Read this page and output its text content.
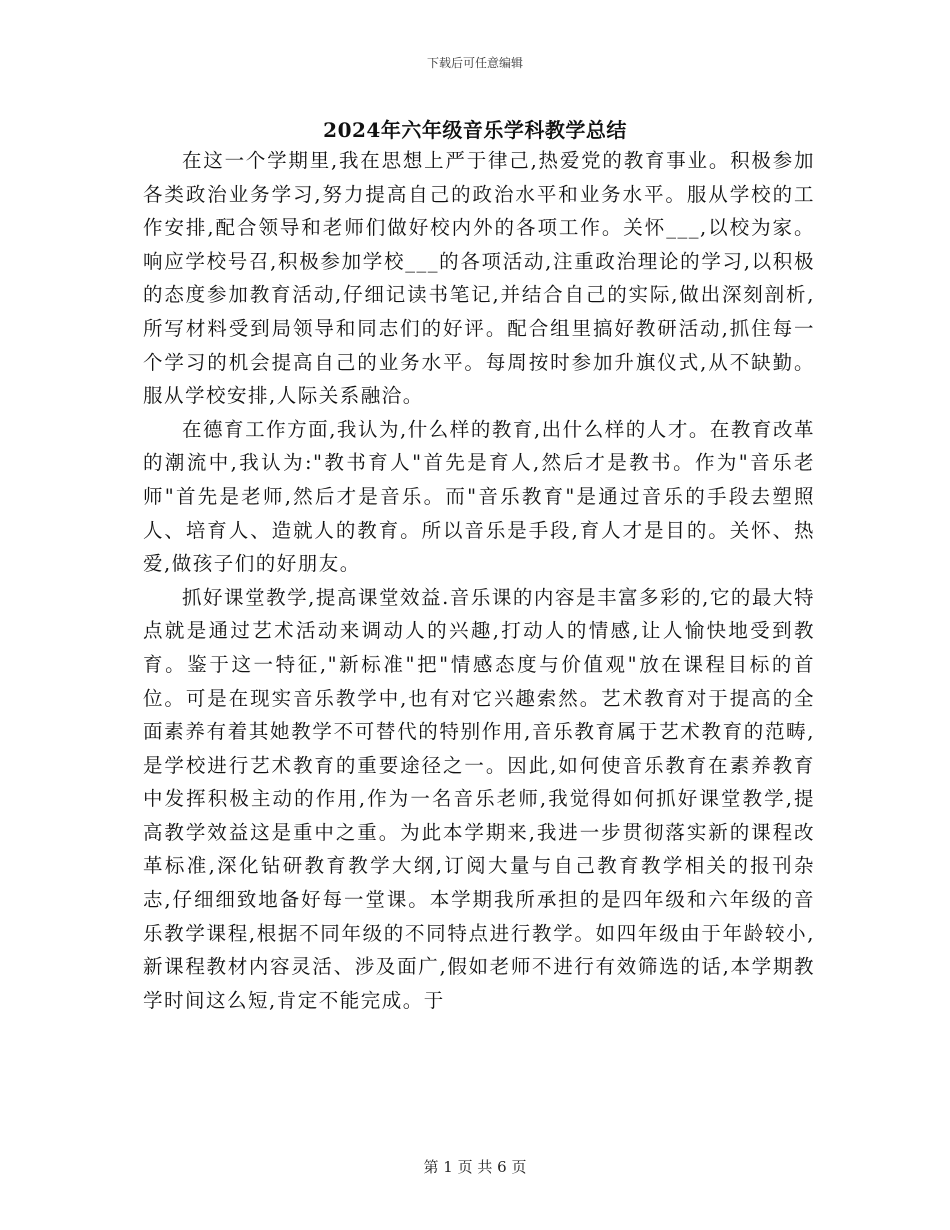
下载后可任意编辑
2024年六年级音乐学科教学总结

在这一个学期里,我在思想上严于律己,热爱党的教育事业。积极参加各类政治业务学习,努力提高自己的政治水平和业务水平。服从学校的工作安排,配合领导和老师们做好校内外的各项工作。关怀___,以校为家。响应学校号召,积极参加学校___的各项活动,注重政治理论的学习,以积极的态度参加教育活动,仔细记读书笔记,并结合自己的实际,做出深刻剖析,所写材料受到局领导和同志们的好评。配合组里搞好教研活动,抓住每一个学习的机会提高自己的业务水平。每周按时参加升旗仪式,从不缺勤。服从学校安排,人际关系融洽。

在德育工作方面,我认为,什么样的教育,出什么样的人才。在教育改革的潮流中,我认为:"教书育人"首先是育人,然后才是教书。作为"音乐老师"首先是老师,然后才是音乐。而"音乐教育"是通过音乐的手段去塑照人、培育人、造就人的教育。所以音乐是手段,育人才是目的。关怀、热爱,做孩子们的好朋友。

抓好课堂教学,提高课堂效益.音乐课的内容是丰富多彩的,它的最大特点就是通过艺术活动来调动人的兴趣,打动人的情感,让人愉快地受到教育。鉴于这一特征,"新标准"把"情感态度与价值观"放在课程目标的首位。可是在现实音乐教学中,也有对它兴趣索然。艺术教育对于提高的全面素养有着其她教学不可替代的特别作用,音乐教育属于艺术教育的范畴,是学校进行艺术教育的重要途径之一。因此,如何使音乐教育在素养教育中发挥积极主动的作用,作为一名音乐老师,我觉得如何抓好课堂教学,提高教学效益这是重中之重。为此本学期来,我进一步贯彻落实新的课程改革标准,深化钻研教育教学大纲,订阅大量与自己教育教学相关的报刊杂志,仔细细致地备好每一堂课。本学期我所承担的是四年级和六年级的音乐教学课程,根据不同年级的不同特点进行教学。如四年级由于年龄较小,新课程教材内容灵活、涉及面广,假如老师不进行有效筛选的话,本学期教学时间这么短,肯定不能完成。于

第 1 页 共 6 页
